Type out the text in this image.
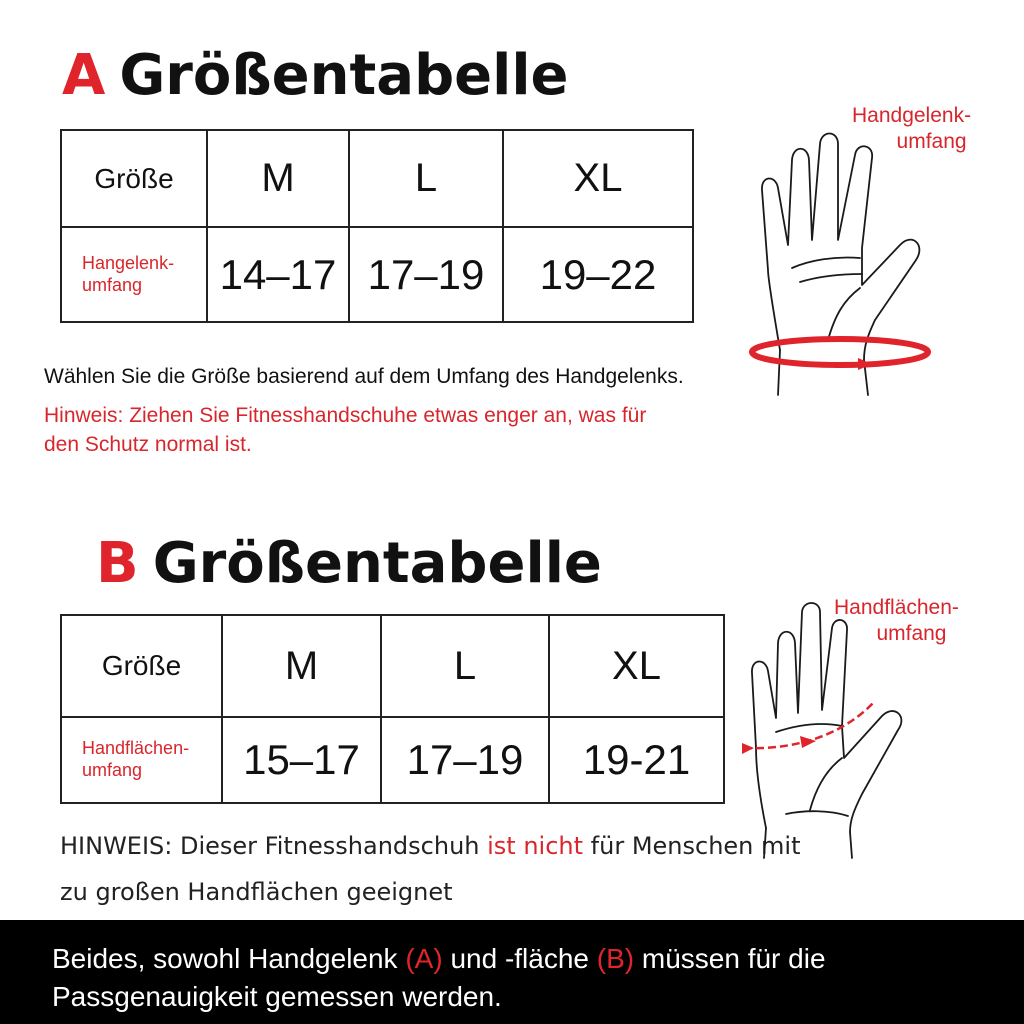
A Größentabelle
Größe	M	L	XL

Hangelenk-
umfang	14–17	17–19	19–22
Wählen Sie die Größe basierend auf dem Umfang des Handgelenks.
Hinweis: Ziehen Sie Fitnesshandschuhe etwas enger an, was für
den Schutz normal ist.
Handgelenk-
umfang
B Größentabelle
Größe	M	L	XL

Handflächen-
umfang	15–17	17–19	19-21
HINWEIS: Dieser Fitnesshandschuh ist nicht für Menschen mit
zu großen Handflächen geeignet
Handflächen-
umfang
Beides, sowohl Handgelenk (A) und -fläche (B) müssen für die
Passgenauigkeit gemessen werden.
